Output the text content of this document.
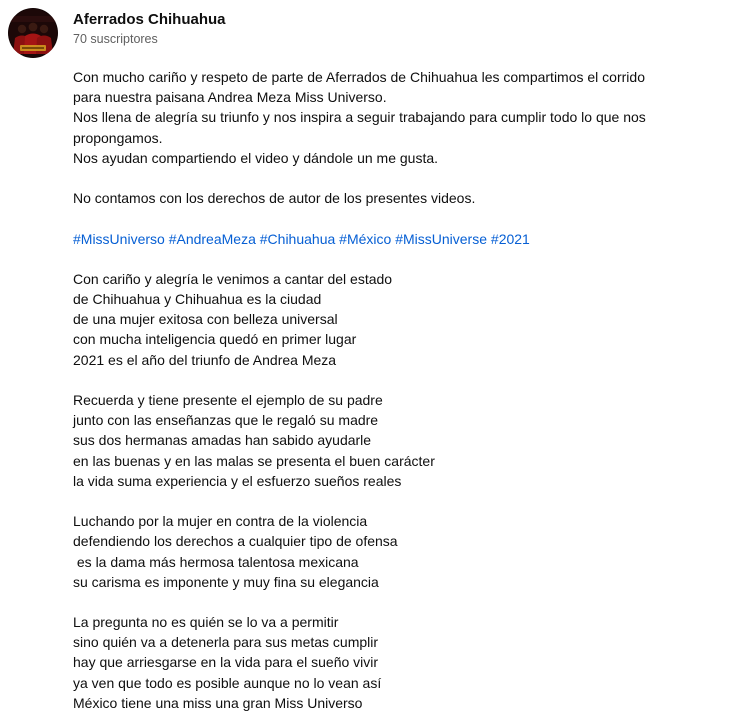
Aferrados Chihuahua
70 suscriptores
Con mucho cariño y respeto de parte de Aferrados de Chihuahua les compartimos el corrido
para nuestra paisana Andrea Meza Miss Universo.
Nos llena de alegría su triunfo y nos inspira a seguir trabajando para cumplir todo lo que nos
propongamos.
Nos ayudan compartiendo el video y dándole un me gusta.
No contamos con los derechos de autor de los presentes videos.
#MissUniverso #AndreaMeza #Chihuahua #México #MissUniverse #2021
Con cariño y alegría le venimos a cantar del estado
de Chihuahua y Chihuahua es la ciudad
de una mujer exitosa con belleza universal
con mucha inteligencia quedó en primer lugar
2021 es el año del triunfo de Andrea Meza
Recuerda y tiene presente el ejemplo de su padre
junto con las enseñanzas que le regaló su madre
sus dos hermanas amadas han sabido ayudarle
en las buenas y en las malas se presenta el buen carácter
la vida suma experiencia y el esfuerzo sueños reales
Luchando por la mujer en contra de la violencia
defendiendo los derechos a cualquier tipo de ofensa
es la dama más hermosa talentosa mexicana
su carisma es imponente y muy fina su elegancia
La pregunta no es quién se lo va a permitir
sino quién va a detenerla para sus metas cumplir
hay que arriesgarse en la vida para el sueño vivir
ya ven que todo es posible aunque no lo vean así
México tiene una miss una gran Miss Universo
